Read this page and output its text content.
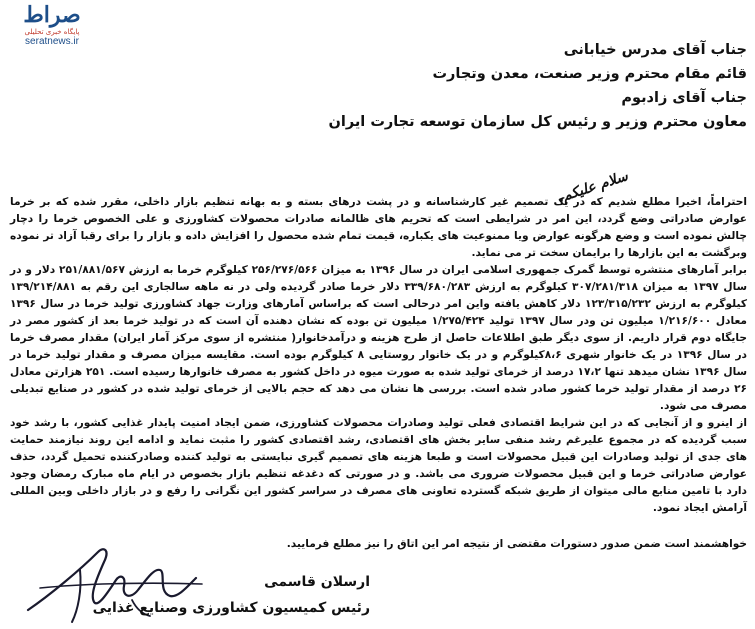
صراط
پایگاه خبری تحلیلی
seratnews.ir
جناب آقای مدرس خیابانی
قائم مقام محترم وزیر صنعت، معدن وتجارت
جناب آقای زادبوم
معاون محترم وزیر و رئیس کل سازمان توسعه تجارت ایران
سلام علیکم،

احتراماً، اخیرا مطلع شدیم که در یک تصمیم غیر کارشناسانه و در پشت درهای بسته و به بهانه تنظیم بازار داخلی، مقرر شده که بر خرما عوارض صادراتی وضع گردد، این امر در شرایطی است که تحریم های ظالمانه صادرات محصولات کشاورزی و علی الخصوص خرما را دچار چالش نموده است و وضع هرگونه عوارض ویا ممنوعیت های یکباره، قیمت تمام شده محصول را افزایش داده و بازار را برای رقبا آزاد تر نموده وبرگشت به این بازارها را برایمان سخت تر می نماید.

برابر آمارهای منتشره توسط گمرک جمهوری اسلامی ایران در سال ۱۳۹۶ به میزان ۲۵۶/۲۷۶/۵۶۶ کیلوگرم خرما به ارزش ۲۵۱/۸۸۱/۵۶۷ دلار و در سال ۱۳۹۷ به میزان ۳۰۷/۲۸۱/۳۱۸ کیلوگرم به ارزش ۳۳۹/۶۸۰/۲۸۳ دلار خرما صادر گردیده ولی در نه ماهه سالجاری این رقم به ۱۳۹/۲۱۴/۸۸۱ کیلوگرم به ارزش ۱۲۳/۳۱۵/۲۳۲ دلار کاهش یافته واین امر درحالی است که براساس آمارهای وزارت جهاد کشاورزی تولید خرما در سال ۱۳۹۶ معادل ۱/۲۱۶/۶۰۰ میلیون تن ودر سال ۱۳۹۷ تولید ۱/۲۷۵/۴۲۴ میلیون تن بوده که نشان دهنده آن است که در تولید خرما بعد از کشور مصر در جایگاه دوم قرار داریم. از سوی دیگر طبق اطلاعات حاصل از طرح هزینه و درآمدخانوار( منتشره از سوی مرکز آمار ایران) مقدار مصرف خرما در سال ۱۳۹۶ در یک خانوار شهری ۸،۶کیلوگرم و در یک خانوار روستایی ۸ کیلوگرم بوده است. مقایسه میزان مصرف و مقدار تولید خرما در سال ۱۳۹۶ نشان میدهد تنها ۱۷،۲ درصد از خرمای تولید شده به صورت میوه در داخل کشور به مصرف خانوارها رسیده است. ۲۵۱ هزارتن معادل ۲۶ درصد از مقدار تولید خرما کشور صادر شده است. بررسی ها نشان می دهد که حجم بالایی از خرمای تولید شده در کشور در صنایع تبدیلی مصرف می شود.

از اینرو و از آنجایی که در این شرایط اقتصادی فعلی تولید وصادرات محصولات کشاورزی، ضمن ایجاد امنیت پایدار غذایی کشور، با رشد خود سبب گردیده که در مجموع علیرغم رشد منفی سایر بخش های اقتصادی، رشد اقتصادی کشور را مثبت نماید و ادامه این روند نیازمند حمایت های جدی از تولید وصادرات این قبیل محصولات است و طبعا هزینه های تصمیم گیری نبایستی به تولید کننده وصادرکننده تحمیل گردد، حذف عوارض صادراتی خرما و این قبیل محصولات ضروری می باشد. و در صورتی که دغدغه تنظیم بازار بخصوص در ایام ماه مبارک رمضان وجود دارد با تامین منابع مالی میتوان از طریق شبکه گسترده تعاونی های مصرف در سراسر کشور این نگرانی را رفع و در بازار داخلی وبین المللی آرامش ایجاد نمود.

خواهشمند است ضمن صدور دستورات مقتضی از نتیجه امر این اتاق را نیز مطلع فرمایید.
ارسلان قاسمی
رئیس کمیسیون کشاورزی وصنایع غذایی
